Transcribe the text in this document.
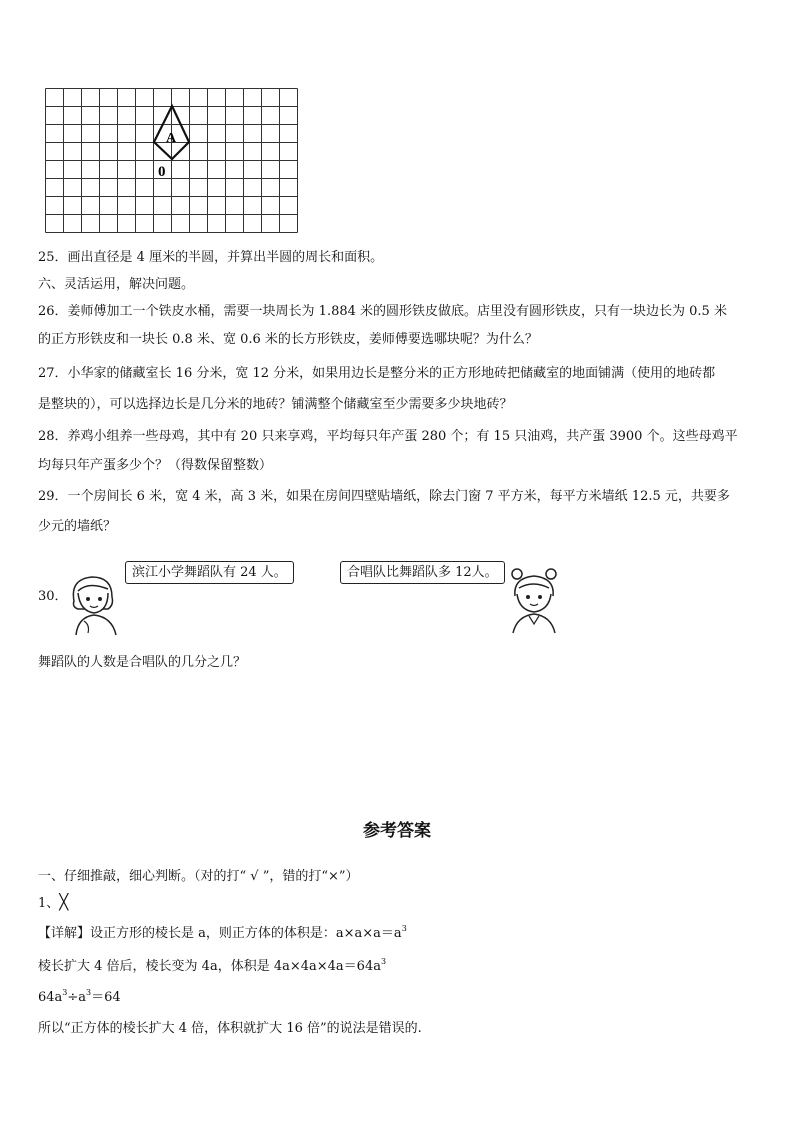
A
0
25．画出直径是 4 厘米的半圆，并算出半圆的周长和面积。
六、灵活运用，解决问题。
26．姜师傅加工一个铁皮水桶，需要一块周长为 1.884 米的圆形铁皮做底。店里没有圆形铁皮，只有一块边长为 0.5 米
的正方形铁皮和一块长 0.8 米、宽 0.6 米的长方形铁皮，姜师傅要选哪块呢？为什么？
27．小华家的储藏室长 16 分米，宽 12 分米，如果用边长是整分米的正方形地砖把储藏室的地面铺满（使用的地砖都
是整块的），可以选择边长是几分米的地砖？铺满整个储藏室至少需要多少块地砖？
28．养鸡小组养一些母鸡，其中有 20 只来享鸡，平均每只年产蛋 280 个；有 15 只油鸡，共产蛋 3900 个。这些母鸡平
均每只年产蛋多少个？（得数保留整数）
29．一个房间长 6 米，宽 4 米，高 3 米，如果在房间四壁贴墙纸，除去门窗 7 平方米，每平方米墙纸 12.5 元，共要多
少元的墙纸？
30．
滨江小学舞蹈队有 24 人。	合唱队比舞蹈队多 12人。
舞蹈队的人数是合唱队的几分之几？
参考答案
一、仔细推敲，细心判断。（对的打“ √ ”，错的打“×”）
1、╳
【详解】设正方形的棱长是 a，则正方体的体积是：$a\times a\times a=a^3$
棱长扩大 4 倍后，棱长变为 4a，体积是 $4a\times 4a\times 4a=64a^3$
$64a^3\div a^3=64$
所以“正方体的棱长扩大 4 倍，体积就扩大 16 倍”的说法是错误的.
